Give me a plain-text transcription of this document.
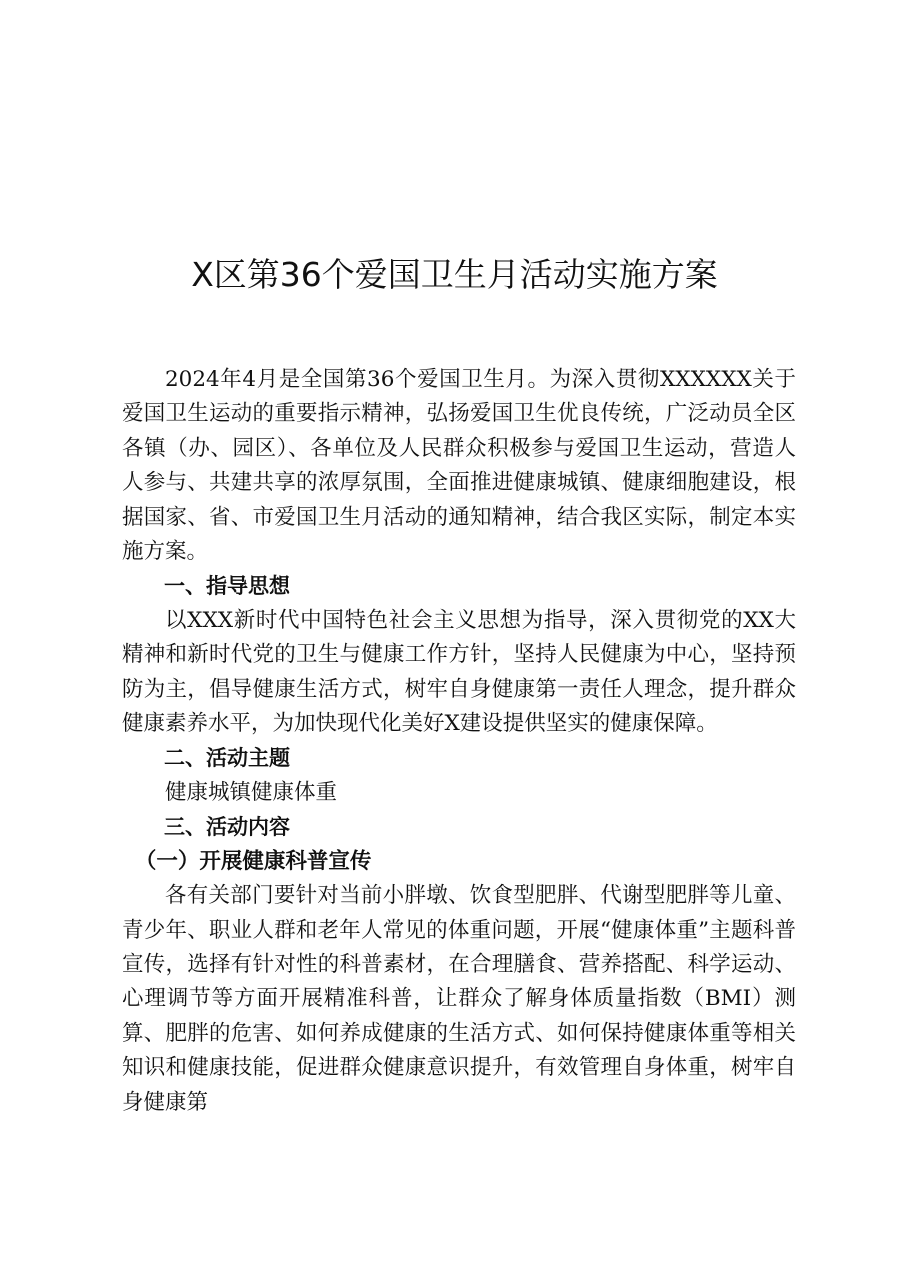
X区第36个爱国卫生月活动实施方案

2024年4月是全国第36个爱国卫生月。为深入贯彻XXXXXX关于爱国卫生运动的重要指示精神，弘扬爱国卫生优良传统，广泛动员全区各镇（办、园区）、各单位及人民群众积极参与爱国卫生运动，营造人人参与、共建共享的浓厚氛围，全面推进健康城镇、健康细胞建设，根据国家、省、市爱国卫生月活动的通知精神，结合我区实际，制定本实施方案。

一、指导思想

以XXX新时代中国特色社会主义思想为指导，深入贯彻党的XX大精神和新时代党的卫生与健康工作方针，坚持人民健康为中心，坚持预防为主，倡导健康生活方式，树牢自身健康第一责任人理念，提升群众健康素养水平，为加快现代化美好X建设提供坚实的健康保障。

二、活动主题

健康城镇健康体重

三、活动内容

（一）开展健康科普宣传

各有关部门要针对当前小胖墩、饮食型肥胖、代谢型肥胖等儿童、青少年、职业人群和老年人常见的体重问题，开展“健康体重”主题科普宣传，选择有针对性的科普素材，在合理膳食、营养搭配、科学运动、心理调节等方面开展精准科普，让群众了解身体质量指数（BMI）测算、肥胖的危害、如何养成健康的生活方式、如何保持健康体重等相关知识和健康技能，促进群众健康意识提升，有效管理自身体重，树牢自身健康第
